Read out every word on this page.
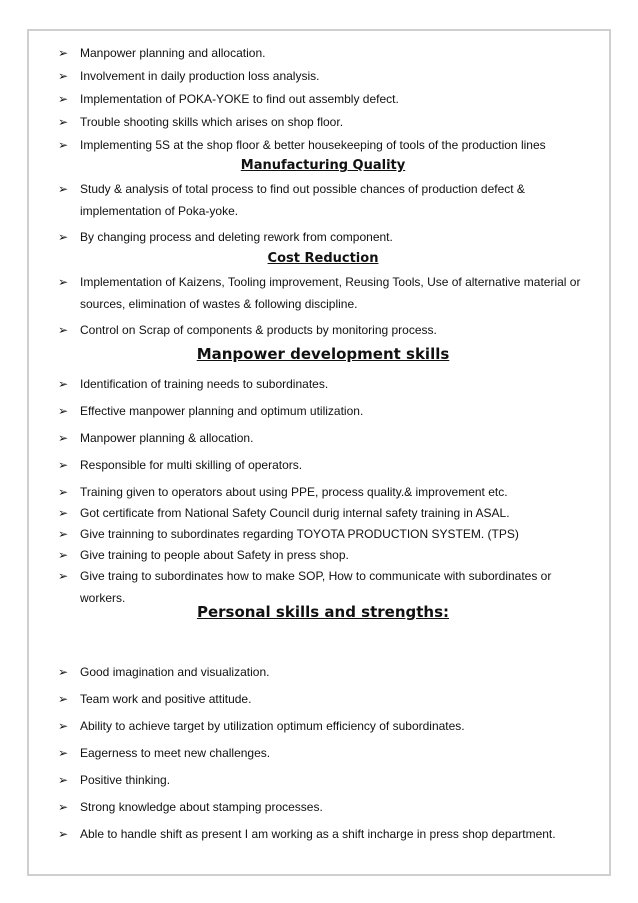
➢ Manpower planning and allocation.
➢ Involvement in daily production loss analysis.
➢ Implementation of POKA-YOKE to find out assembly defect.
➢ Trouble shooting skills which arises on shop floor.
➢ Implementing 5S at the shop floor & better housekeeping of tools of the production lines
Manufacturing Quality
➢ Study & analysis of total process to find out possible chances of production defect & implementation of Poka-yoke.
➢ By changing process and deleting rework from component.
Cost Reduction
➢ Implementation of Kaizens, Tooling improvement, Reusing Tools, Use of alternative material or sources, elimination of wastes & following discipline.
➢ Control on Scrap of components & products by monitoring process.
Manpower development skills
➢ Identification of training needs to subordinates.
➢ Effective manpower planning and optimum utilization.
➢ Manpower planning & allocation.
➢ Responsible for multi skilling of operators.
➢ Training given to operators about using PPE, process quality.& improvement etc.
➢ Got certificate from National Safety Council durig internal safety training in ASAL.
➢ Give trainning to subordinates regarding TOYOTA PRODUCTION SYSTEM. (TPS)
➢ Give training to people about Safety in press shop.
➢ Give traing to subordinates how to make SOP, How to communicate with subordinates or workers.
Personal skills and strengths:
➢ Good imagination and visualization.
➢ Team work and positive attitude.
➢ Ability to achieve target by utilization optimum efficiency of subordinates.
➢ Eagerness to meet new challenges.
➢ Positive thinking.
➢ Strong knowledge about stamping processes.
➢ Able to handle shift as present I am working as a shift incharge in press shop department.
